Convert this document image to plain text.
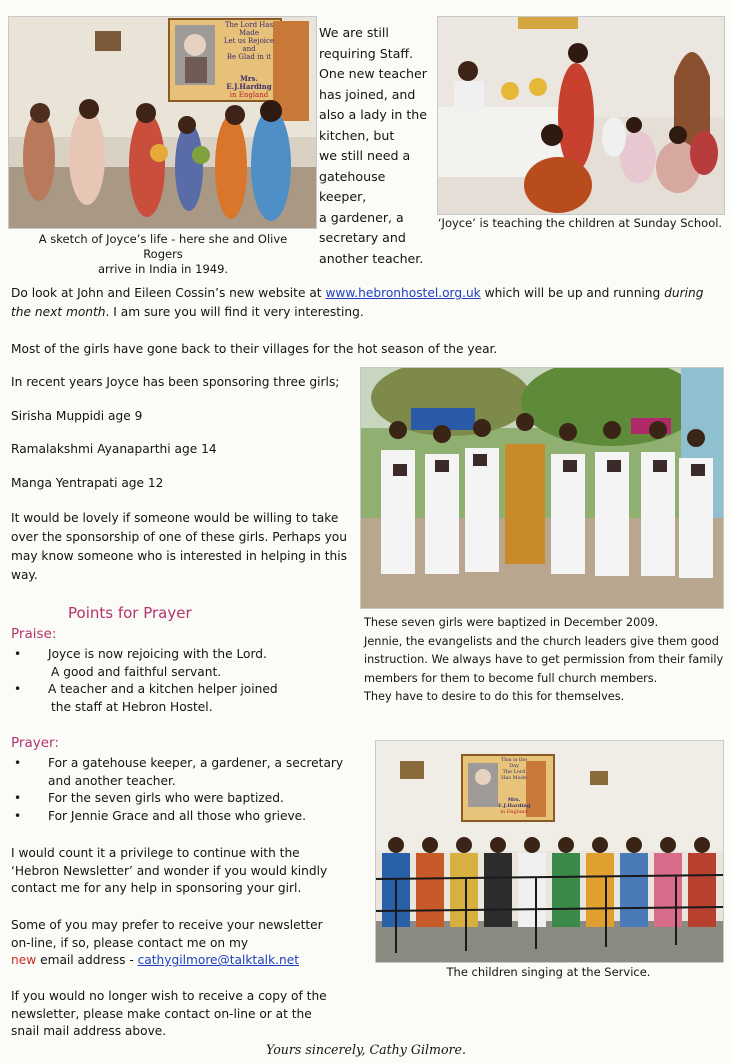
The Lord Has Made
Let us Rejoice and
Be Glad in it
Mrs. E.J.Harding
in England
A sketch of Joyce’s life - here she and Olive Rogers
arrive in India in 1949.
We are still
requiring Staff.
One new teacher
has joined, and
also a lady in the
kitchen, but
we still need a
gatehouse keeper,
a gardener, a
secretary and
another teacher.
‘Joyce’ is teaching the children at Sunday School.
Do look at John and Eileen Cossin’s new website at www.hebronhostel.org.uk which will be up and running during the next month. I am sure you will find it very interesting.
Most of the girls have gone back to their villages for the hot season of the year.
In recent years Joyce has been sponsoring three girls;
Sirisha Muppidi age 9
Ramalakshmi Ayanaparthi age 14
Manga Yentrapati age 12
It would be lovely if someone would be willing to take
over the sponsorship of one of these girls. Perhaps you
may know someone who is interested in helping in this
way.
These seven girls were baptized in December 2009.
Jennie, the evangelists and the church leaders give them good
instruction. We always have to get permission from their family
members for them to become full church members.
They have to desire to do this for themselves.
Points for Prayer
Praise:
• Joyce is now rejoicing with the Lord.
A good and faithful servant.
• A teacher and a kitchen helper joined
the staff at Hebron Hostel.
Prayer:
• For a gatehouse keeper, a gardener, a secretary
and another teacher.
• For the seven girls who were baptized.
• For Jennie Grace and all those who grieve.
I would count it a privilege to continue with the
‘Hebron Newsletter’ and wonder if you would kindly
contact me for any help in sponsoring your girl.
Some of you may prefer to receive your newsletter
on-line, if so, please contact me on my
new email address - cathygilmore@talktalk.net
If you would no longer wish to receive a copy of the
newsletter, please make contact on-line or at the
snail mail address above.
Yours sincerely, Cathy Gilmore.
This is the Day
The Lord Has Made
Mrs. E.J.Harding
in England
The children singing at the Service.
